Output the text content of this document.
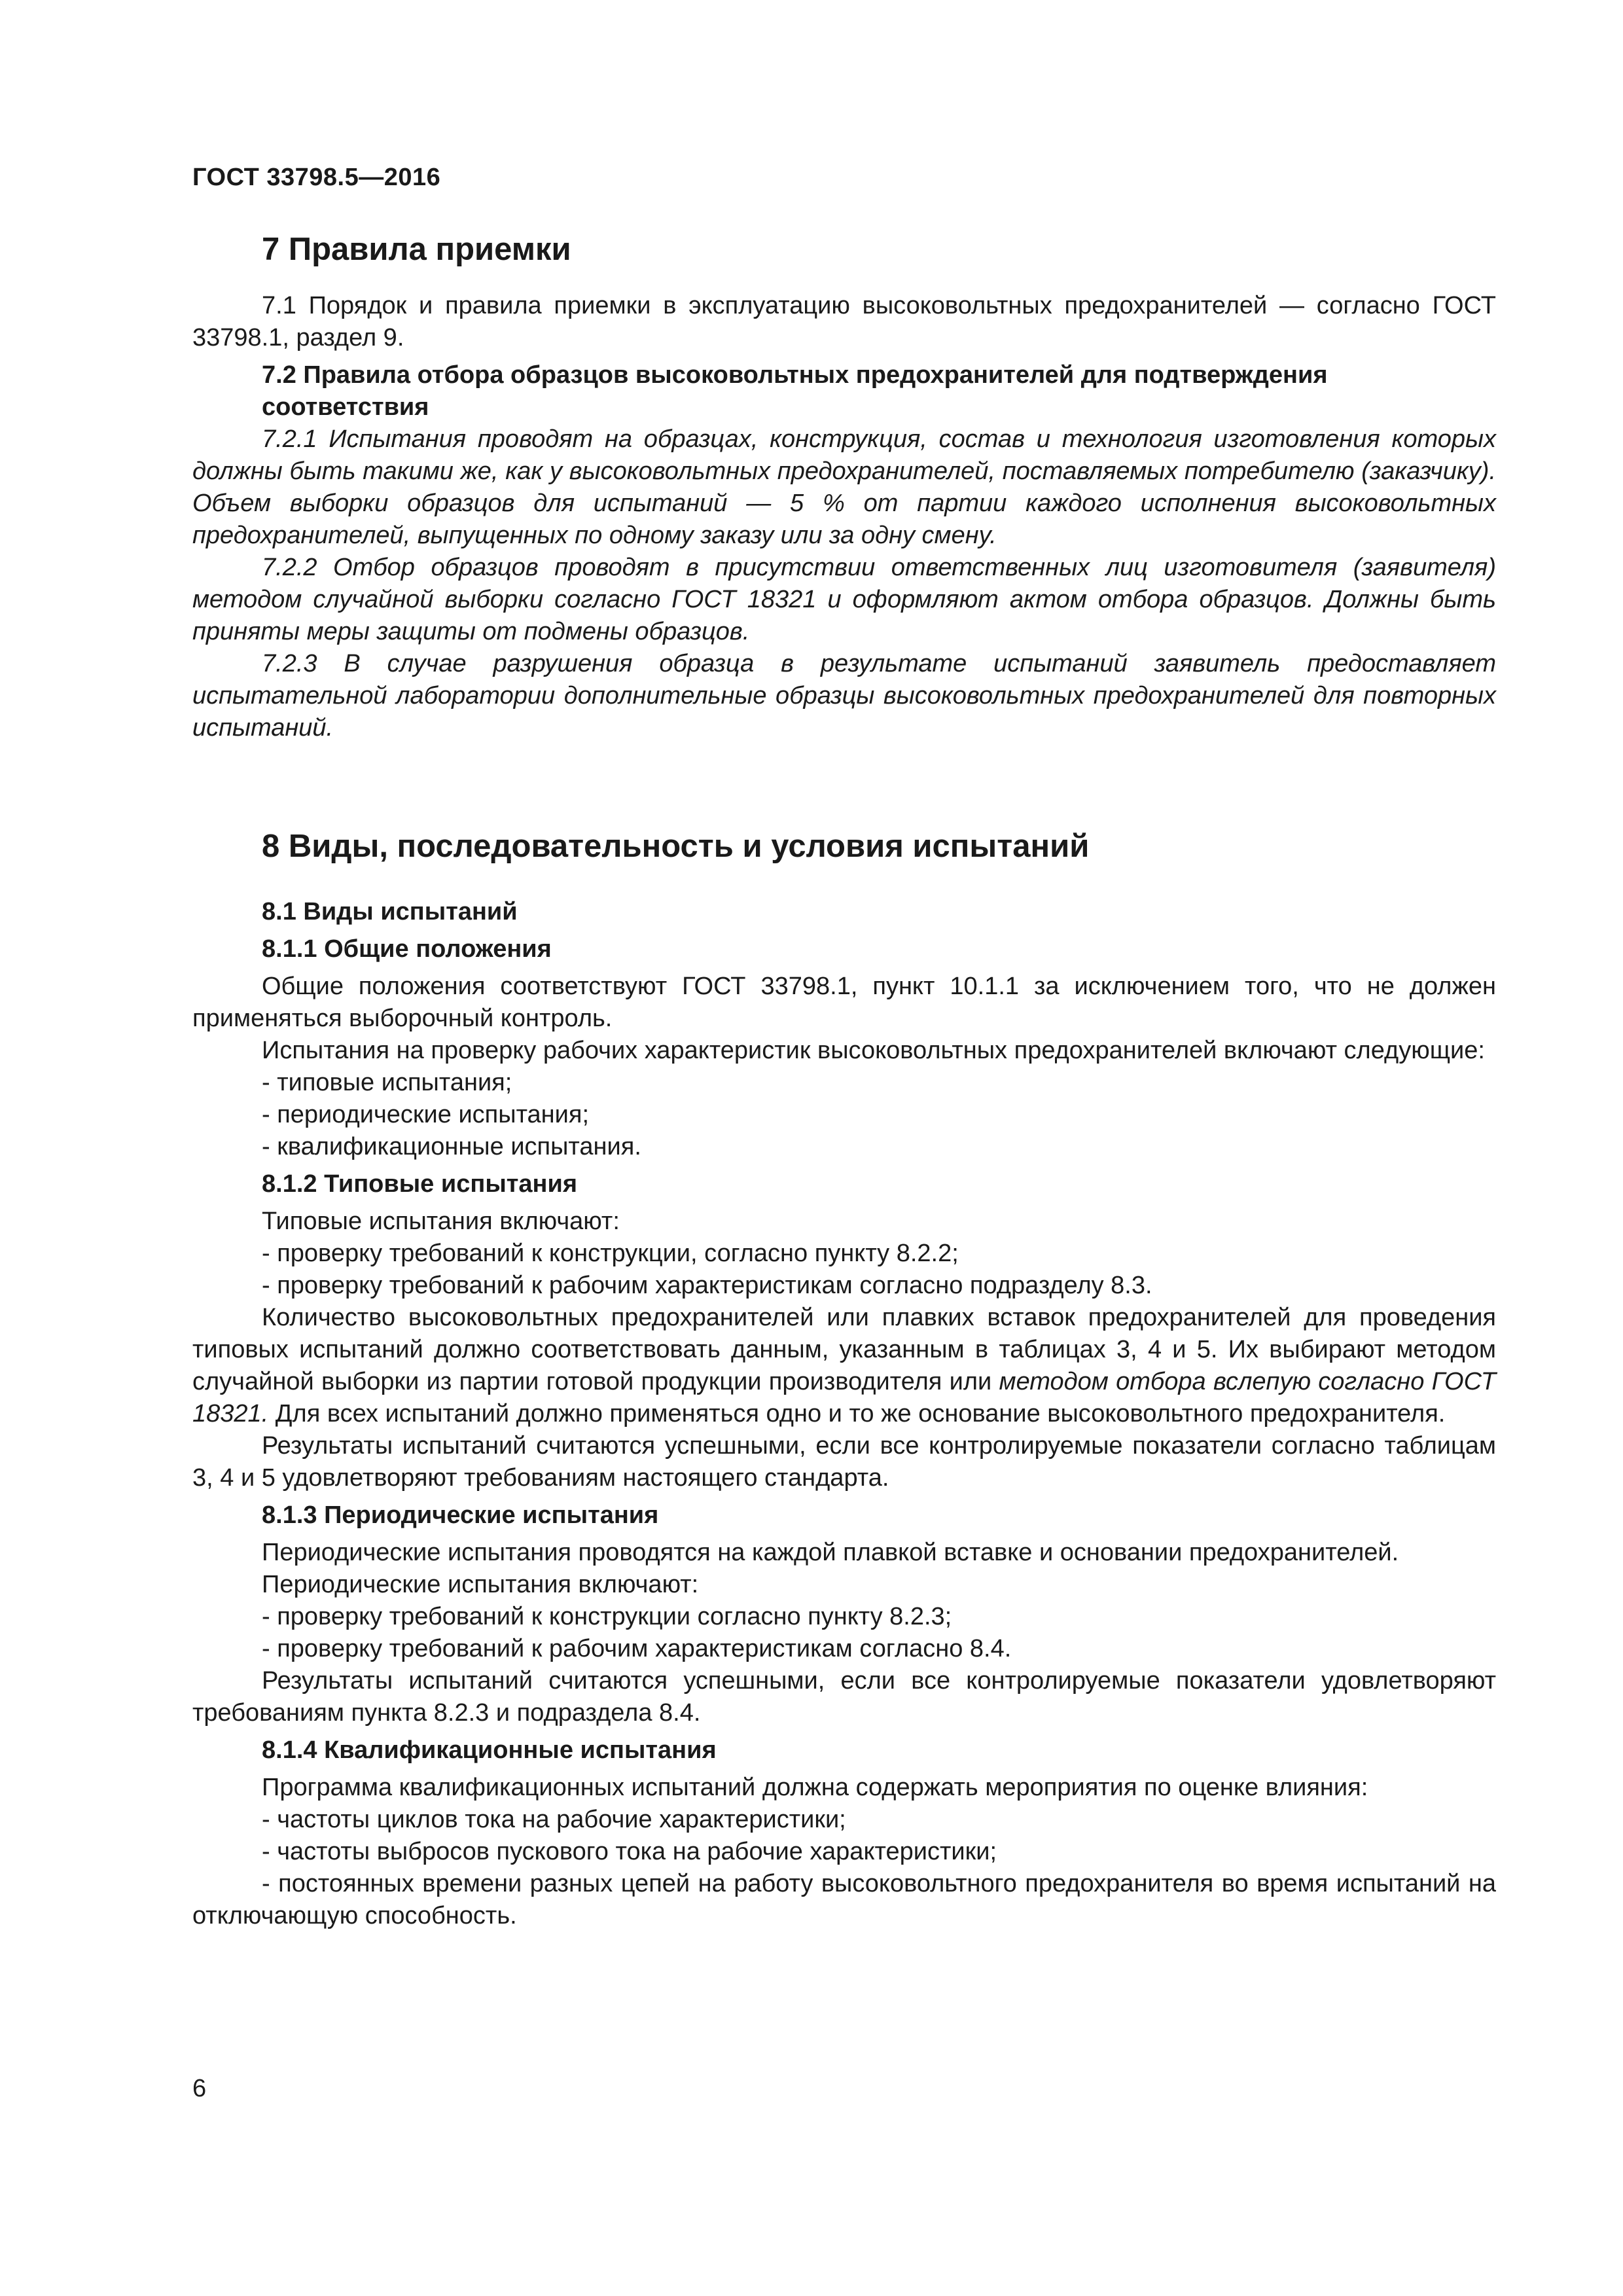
ГОСТ 33798.5—2016
7 Правила приемки

7.1 Порядок и правила приемки в эксплуатацию высоковольтных предохранителей — согласно ГОСТ 33798.1, раздел 9.

7.2 Правила отбора образцов высоковольтных предохранителей для подтверждения соответствия

7.2.1 Испытания проводят на образцах, конструкция, состав и технология изготовления которых должны быть такими же, как у высоковольтных предохранителей, поставляемых потребителю (заказчику). Объем выборки образцов для испытаний — 5 % от партии каждого исполнения высоковольтных предохранителей, выпущенных по одному заказу или за одну смену.

7.2.2 Отбор образцов проводят в присутствии ответственных лиц изготовителя (заявителя) методом случайной выборки согласно ГОСТ 18321 и оформляют актом отбора образцов. Должны быть приняты меры защиты от подмены образцов.

7.2.3 В случае разрушения образца в результате испытаний заявитель предоставляет испытательной лаборатории дополнительные образцы высоковольтных предохранителей для повторных испытаний.

8 Виды, последовательность и условия испытаний
8.1 Виды испытаний
8.1.1 Общие положения

Общие положения соответствуют ГОСТ 33798.1, пункт 10.1.1 за исключением того, что не должен применяться выборочный контроль.

Испытания на проверку рабочих характеристик высоковольтных предохранителей включают следующие:

- типовые испытания;

- периодические испытания;

- квалификационные испытания.

8.1.2 Типовые испытания

Типовые испытания включают:

- проверку требований к конструкции, согласно пункту 8.2.2;

- проверку требований к рабочим характеристикам согласно подразделу 8.3.

Количество высоковольтных предохранителей или плавких вставок предохранителей для проведения типовых испытаний должно соответствовать данным, указанным в таблицах 3, 4 и 5. Их выбирают методом случайной выборки из партии готовой продукции производителя или методом отбора вслепую согласно ГОСТ 18321. Для всех испытаний должно применяться одно и то же основание высоковольтного предохранителя.

Результаты испытаний считаются успешными, если все контролируемые показатели согласно таблицам 3, 4 и 5 удовлетворяют требованиям настоящего стандарта.

8.1.3 Периодические испытания

Периодические испытания проводятся на каждой плавкой вставке и основании предохранителей.

Периодические испытания включают:

- проверку требований к конструкции согласно пункту 8.2.3;

- проверку требований к рабочим характеристикам согласно 8.4.

Результаты испытаний считаются успешными, если все контролируемые показатели удовлетворяют требованиям пункта 8.2.3 и подраздела 8.4.

8.1.4 Квалификационные испытания

Программа квалификационных испытаний должна содержать мероприятия по оценке влияния:

- частоты циклов тока на рабочие характеристики;

- частоты выбросов пускового тока на рабочие характеристики;

- постоянных времени разных цепей на работу высоковольтного предохранителя во время испытаний на отключающую способность.

6
